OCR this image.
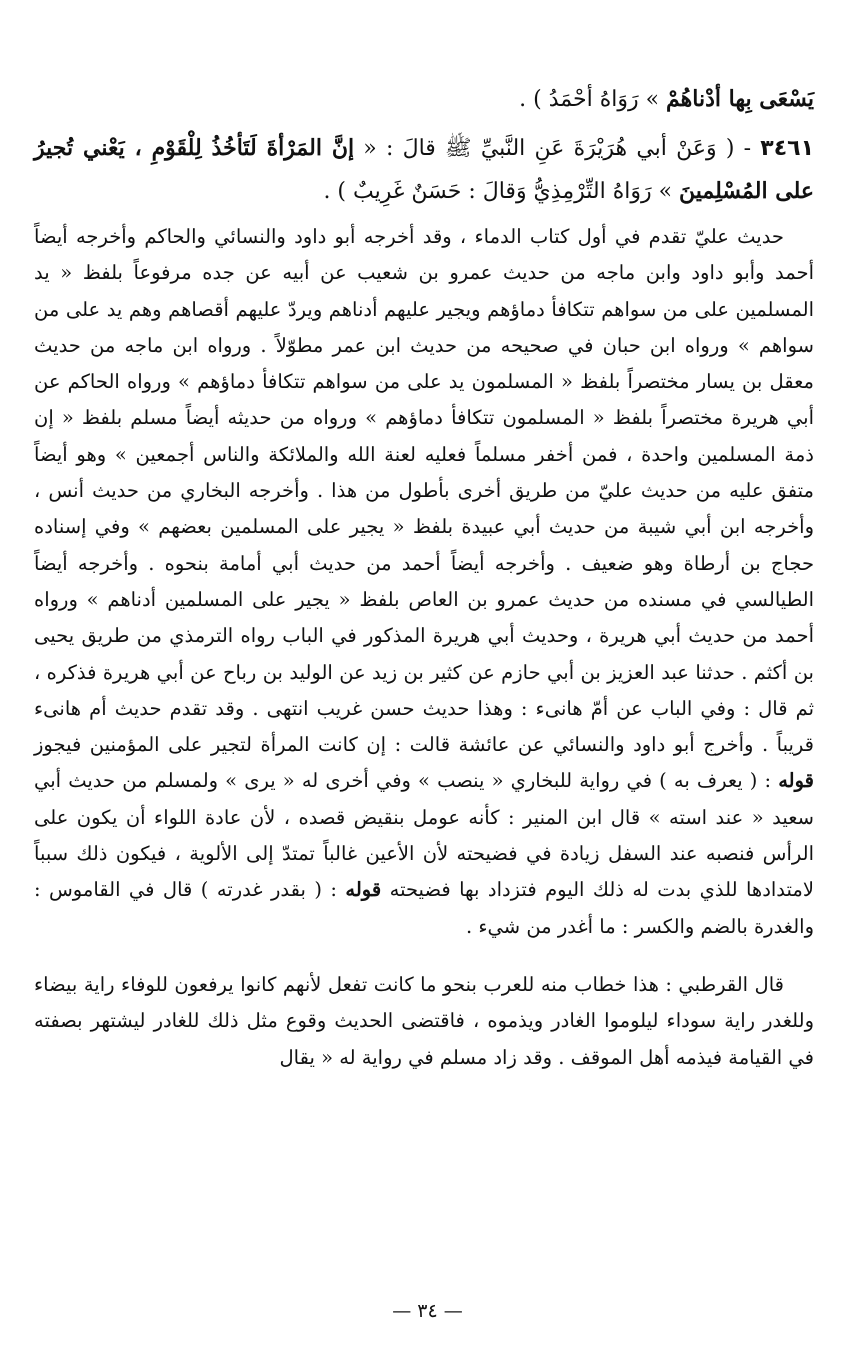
يَسْعَى بِها أدْناهُمْ » رَوَاهُ أحْمَدُ ) .
٣٤٦١ - ( وَعَنْ أبي هُرَيْرَةَ عَنِ النَّبيِّ ﷺ قالَ : « إنَّ المَرْأةَ لَتَأخُذُ لِلْقَوْمِ ، يَعْني تُجيرُ على المُسْلِمينَ » رَوَاهُ التِّرْمِذِيُّ وَقالَ : حَسَنٌ غَرِيبٌ ) .

حديث عليّ تقدم في أول كتاب الدماء ، وقد أخرجه أبو داود والنسائي والحاكم وأخرجه أيضاً أحمد وأبو داود وابن ماجه من حديث عمرو بن شعيب عن أبيه عن جده مرفوعاً بلفظ « يد المسلمين على من سواهم تتكافأ دماؤهم ويجير عليهم أدناهم ويردّ عليهم أقصاهم وهم يد على من سواهم » ورواه ابن حبان في صحيحه من حديث ابن عمر مطوّلاً . ورواه ابن ماجه من حديث معقل بن يسار مختصراً بلفظ « المسلمون يد على من سواهم تتكافأ دماؤهم » ورواه الحاكم عن أبي هريرة مختصراً بلفظ « المسلمون تتكافأ دماؤهم » ورواه من حديثه أيضاً مسلم بلفظ « إن ذمة المسلمين واحدة ، فمن أخفر مسلماً فعليه لعنة الله والملائكة والناس أجمعين » وهو أيضاً متفق عليه من حديث عليّ من طريق أخرى بأطول من هذا . وأخرجه البخاري من حديث أنس ، وأخرجه ابن أبي شيبة من حديث أبي عبيدة بلفظ « يجير على المسلمين بعضهم » وفي إسناده حجاج بن أرطاة وهو ضعيف . وأخرجه أيضاً أحمد من حديث أبي أمامة بنحوه . وأخرجه أيضاً الطيالسي في مسنده من حديث عمرو بن العاص بلفظ « يجير على المسلمين أدناهم » ورواه أحمد من حديث أبي هريرة ، وحديث أبي هريرة المذكور في الباب رواه الترمذي من طريق يحيى بن أكثم . حدثنا عبد العزيز بن أبي حازم عن كثير بن زيد عن الوليد بن رباح عن أبي هريرة فذكره ، ثم قال : وفي الباب عن أمّ هانىء : وهذا حديث حسن غريب انتهى . وقد تقدم حديث أم هانىء قريباً . وأخرج أبو داود والنسائي عن عائشة قالت : إن كانت المرأة لتجير على المؤمنين فيجوز قوله : ( يعرف به ) في رواية للبخاري « ينصب » وفي أخرى له « يرى » ولمسلم من حديث أبي سعيد « عند استه » قال ابن المنير : كأنه عومل بنقيض قصده ، لأن عادة اللواء أن يكون على الرأس فنصبه عند السفل زيادة في فضيحته لأن الأعين غالباً تمتدّ إلى الألوية ، فيكون ذلك سبباً لامتدادها للذي بدت له ذلك اليوم فتزداد بها فضيحته قوله : ( بقدر غدرته ) قال في القاموس : والغدرة بالضم والكسر : ما أغدر من شيء .

قال القرطبي : هذا خطاب منه للعرب بنحو ما كانت تفعل لأنهم كانوا يرفعون للوفاء راية بيضاء وللغدر راية سوداء ليلوموا الغادر ويذموه ، فاقتضى الحديث وقوع مثل ذلك للغادر ليشتهر بصفته في القيامة فيذمه أهل الموقف . وقد زاد مسلم في رواية له « يقال

— ٣٤ —
